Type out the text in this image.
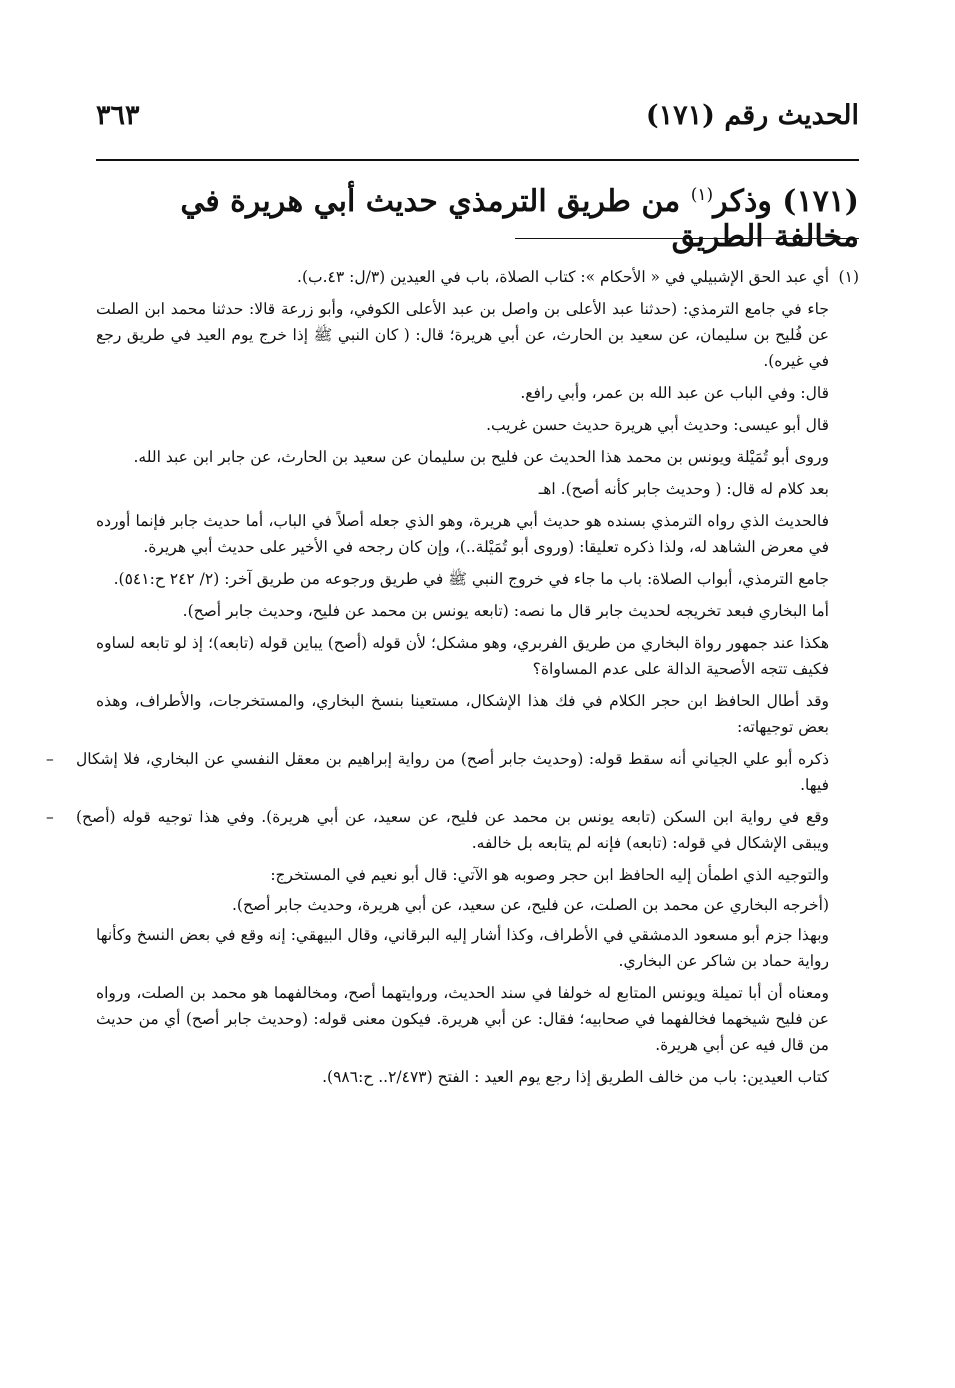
الحديث رقم (١٧١)
٣٦٣
(١٧١) وذكر$^{(١)}$ من طريق الترمذي حديث أبي هريرة في مخالفة الطريق
(١)
أي عبد الحق الإشبيلي في « الأحكام »: كتاب الصلاة، باب في العيدين (٣/ل: ٤٣.ب).

جاء في جامع الترمذي: (حدثنا عبد الأعلى بن واصل بن عبد الأعلى الكوفي، وأبو زرعة قالا: حدثنا محمد ابن الصلت عن فُليح بن سليمان، عن سعيد بن الحارث، عن أبي هريرة؛ قال: ( كان النبي ﷺ إذا خرج يوم العيد في طريق رجع في غيره).

قال: وفي الباب عن عبد الله بن عمر، وأبي رافع.

قال أبو عيسى: وحديث أبي هريرة حديث حسن غريب.

وروى أبو تُمَيْلة ويونس بن محمد هذا الحديث عن فليح بن سليمان عن سعيد بن الحارث، عن جابر ابن عبد الله.

بعد كلام له قال: ( وحديث جابر كأنه أصح). اهـ

فالحديث الذي رواه الترمذي بسنده هو حديث أبي هريرة، وهو الذي جعله أصلاً في الباب، أما حديث جابر فإنما أورده في معرض الشاهد له، ولذا ذكره تعليقا: (وروى أبو تُمَيْلة..)، وإن كان رجحه في الأخير على حديث أبي هريرة.

جامع الترمذي، أبواب الصلاة: باب ما جاء في خروج النبي ﷺ في طريق ورجوعه من طريق آخر: (٢/ ٢٤٢ ح:٥٤١).

أما البخاري فبعد تخريجه لحديث جابر قال ما نصه: (تابعه يونس بن محمد عن فليح، وحديث جابر أصح).

هكذا عند جمهور رواة البخاري من طريق الفربري، وهو مشكل؛ لأن قوله (أصح) يباين قوله (تابعه)؛ إذ لو تابعه لساوه فكيف تتجه الأصحية الدالة على عدم المساواة؟

وقد أطال الحافظ ابن حجر الكلام في فك هذا الإشكال، مستعينا بنسخ البخاري، والمستخرجات، والأطراف، وهذه بعض توجيهاته:

ذكره أبو علي الجياني أنه سقط قوله: (وحديث جابر أصح) من رواية إبراهيم بن معقل النفسي عن البخاري، فلا إشكال فيها.
–
وقع في رواية ابن السكن (تابعه يونس بن محمد عن فليح، عن سعيد، عن أبي هريرة). وفي هذا توجيه قوله (أصح) ويبقى الإشكال في قوله: (تابعه) فإنه لم يتابعه بل خالفه.
–

والتوجيه الذي اطمأن إليه الحافظ ابن حجر وصوبه هو الآتي: قال أبو نعيم في المستخرج:

(أخرجه البخاري عن محمد بن الصلت، عن فليح، عن سعيد، عن أبي هريرة، وحديث جابر أصح).

وبهذا جزم أبو مسعود الدمشقي في الأطراف، وكذا أشار إليه البرقاني، وقال البيهقي: إنه وقع في بعض النسخ وكأنها رواية حماد بن شاكر عن البخاري.

ومعناه أن أبا تميلة ويونس المتابع له خولفا في سند الحديث، وروايتهما أصح، ومخالفهما هو محمد بن الصلت، ورواه عن فليح شيخهما فخالفهما في صحابيه؛ فقال: عن أبي هريرة. فيكون معنى قوله: (وحديث جابر أصح) أي من حديث من قال فيه عن أبي هريرة.

كتاب العيدين: باب من خالف الطريق إذا رجع يوم العيد : الفتح (٢/٤٧٣.. ح:٩٨٦).
